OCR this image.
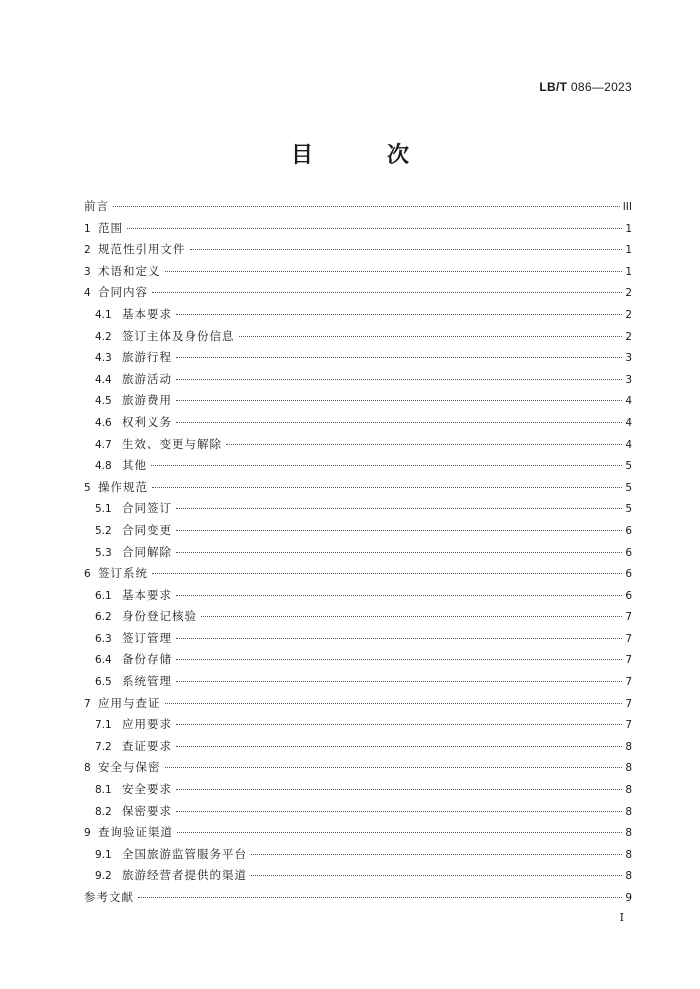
LB/T 086—2023
目　次
前言	III
1 范围	1
2 规范性引用文件	1
3 术语和定义	1
4 合同内容	2
4.1 基本要求	2
4.2 签订主体及身份信息	2
4.3 旅游行程	3
4.4 旅游活动	3
4.5 旅游费用	4
4.6 权利义务	4
4.7 生效、变更与解除	4
4.8 其他	5
5 操作规范	5
5.1 合同签订	5
5.2 合同变更	6
5.3 合同解除	6
6 签订系统	6
6.1 基本要求	6
6.2 身份登记核验	7
6.3 签订管理	7
6.4 备份存储	7
6.5 系统管理	7
7 应用与查证	7
7.1 应用要求	7
7.2 查证要求	8
8 安全与保密	8
8.1 安全要求	8
8.2 保密要求	8
9 查询验证渠道	8
9.1 全国旅游监管服务平台	8
9.2 旅游经营者提供的渠道	8
参考文献	9
I
